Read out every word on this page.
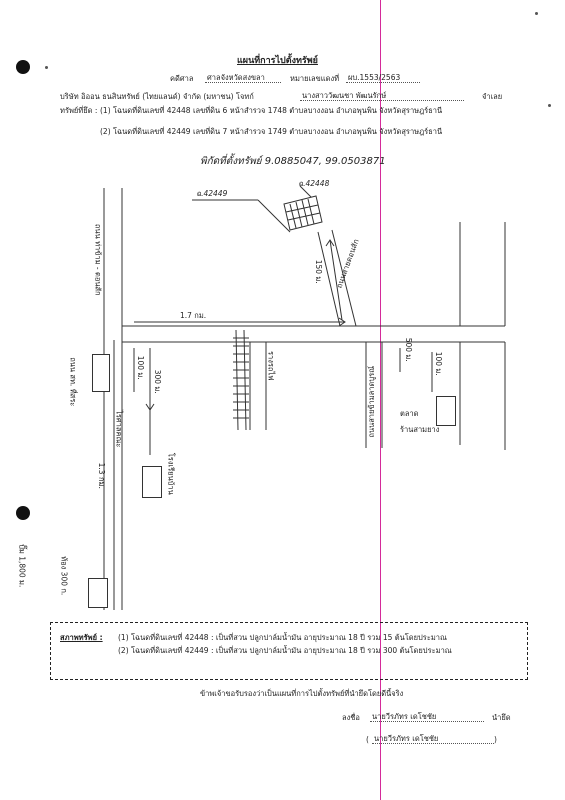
แผนที่การไปตั้งทรัพย์
คดีศาล ศาลจังหวัดสงขลา	หมายเลขแดงที่ ผบ.1553/2563
บริษัท อิออน ธนสินทรัพย์ (ไทยแลนด์) จำกัด (มหาชน) โจทก์	นางสาววัฒนชา พัฒนรักษ์	จำเลย
ทรัพย์ที่ยึด : (1) โฉนดที่ดินเลขที่ 42448 เลขที่ดิน 6 หน้าสำรวจ 1748 ตำบลบางงอน อำเภอพุนพิน จังหวัดสุราษฎร์ธานี
(2) โฉนดที่ดินเลขที่ 42449 เลขที่ดิน 7 หน้าสำรวจ 1749 ตำบลบางงอน อำเภอพุนพิน จังหวัดสุราษฎร์ธานี
พิกัดที่ตั้งทรัพย์ 9.0885047, 99.0503871
ฉ.42449
ฉ.42448
ถนน ท่าข้าม - ดอนสัก	ถนนสายดอนสัก
150 ม.
1.7 กม.
ถนน สท. ที่สระ	100 ม.
300 ม.
ไร่ศาลคณะ
รางรถไฟ
500 ม.
100 ม.
ถนนสายข้ามลาดบูรณ์
โรงเรียนบ้าน
1.3 กม.
ท้อง 300 ก.
ปั๊ม 1,800 ม.
ตลาด
ร้านสามยาง
สภาพทรัพย์ : (1) โฉนดที่ดินเลขที่ 42448 : เป็นที่สวน ปลูกปาล์มน้ำมัน อายุประมาณ 18 ปี รวม 15 ต้นโดยประมาณ
(2) โฉนดที่ดินเลขที่ 42449 : เป็นที่สวน ปลูกปาล์มน้ำมัน อายุประมาณ 18 ปี รวม 300 ต้นโดยประมาณ
ข้าพเจ้าขอรับรองว่าเป็นแผนที่การไปตั้งทรัพย์ที่นำยึดโดยดีนี้จริง
ลงชื่อ นายวีรภัทร เดโชชัย	นำยึด
( นายวีรภัทร เดโชชัย	)
